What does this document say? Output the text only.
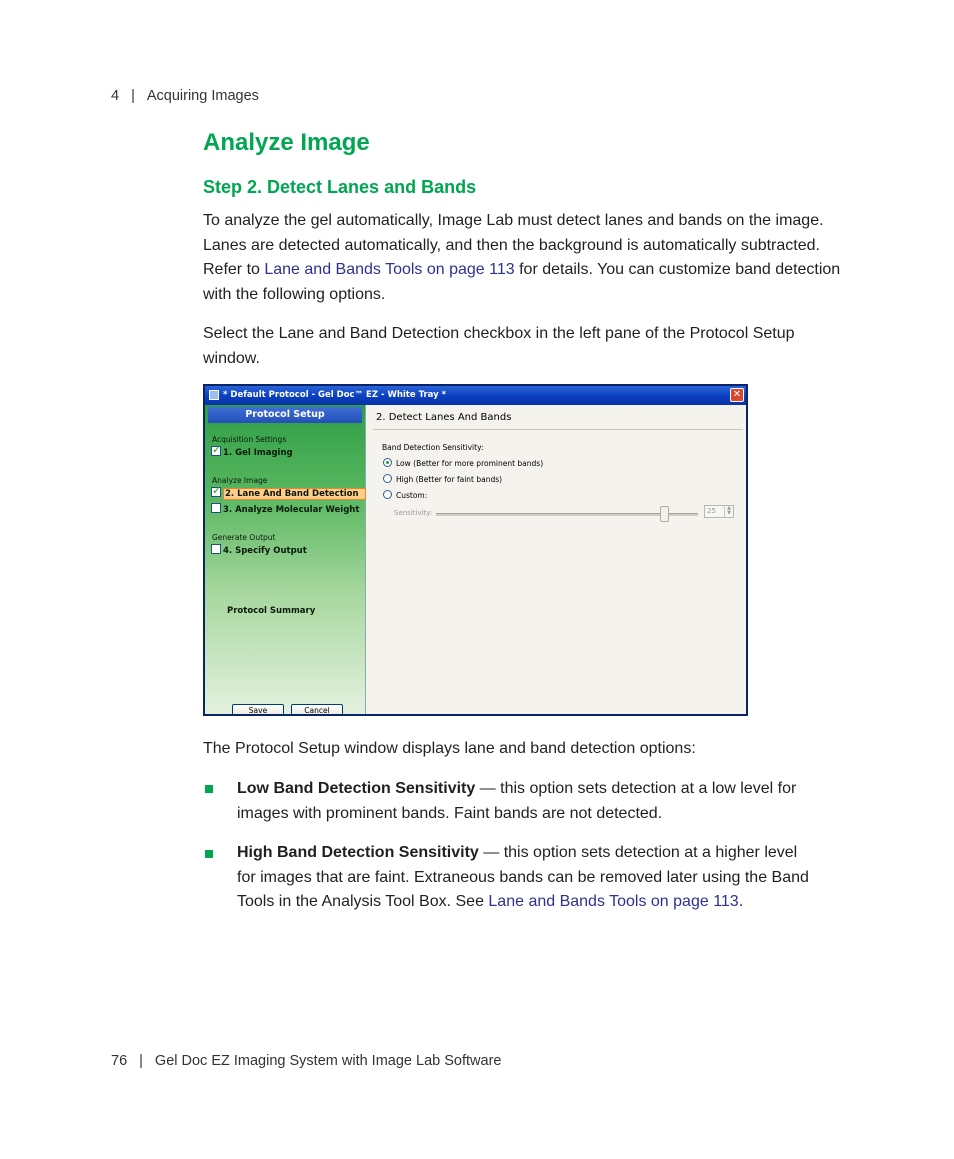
4 | Acquiring Images
Analyze Image
Step 2. Detect Lanes and Bands
To analyze the gel automatically, Image Lab must detect lanes and bands on the image. Lanes are detected automatically, and then the background is automatically subtracted. Refer to Lane and Bands Tools on page 113 for details. You can customize band detection with the following options.
Select the Lane and Band Detection checkbox in the left pane of the Protocol Setup window.
* Default Protocol - Gel Doc™ EZ - White Tray *	✕
Protocol Setup
Acquisition Settings
✓ 1. Gel Imaging
Analyze Image
✓ 2. Lane And Band Detection
3. Analyze Molecular Weight
Generate Output
4. Specify Output
Protocol Summary
Save	Cancel
2. Detect Lanes And Bands
Band Detection Sensitivity:
Low (Better for more prominent bands)
High (Better for faint bands)
Custom:
Sensitivity:	25	▲
▼
The Protocol Setup window displays lane and band detection options:
Low Band Detection Sensitivity — this option sets detection at a low level for images with prominent bands. Faint bands are not detected.
High Band Detection Sensitivity — this option sets detection at a higher level for images that are faint. Extraneous bands can be removed later using the Band Tools in the Analysis Tool Box. See Lane and Bands Tools on page 113.
76 | Gel Doc EZ Imaging System with Image Lab Software
